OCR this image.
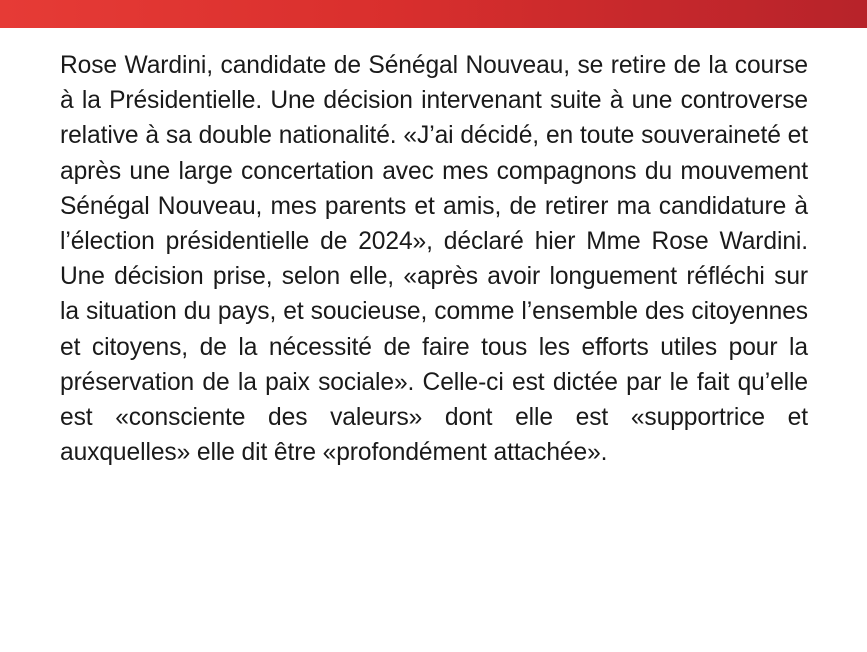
Rose Wardini, candidate de Sénégal Nouveau, se retire de la course à la Présidentielle. Une décision intervenant suite à une controverse relative à sa double nationalité. «J’ai décidé, en toute souveraineté et après une large concertation avec mes compagnons du mouvement Sénégal Nouveau, mes parents et amis, de retirer ma candidature à l’élection présidentielle de 2024», déclaré hier Mme Rose Wardini. Une décision prise, selon elle, «après avoir longuement réfléchi sur la situation du pays, et soucieuse, comme l’ensemble des citoyennes et citoyens, de la nécessité de faire tous les efforts utiles pour la préservation de la paix sociale». Celle-ci est dictée par le fait qu’elle est «consciente des valeurs» dont elle est «supportrice et auxquelles» elle dit être «profondément attachée».
